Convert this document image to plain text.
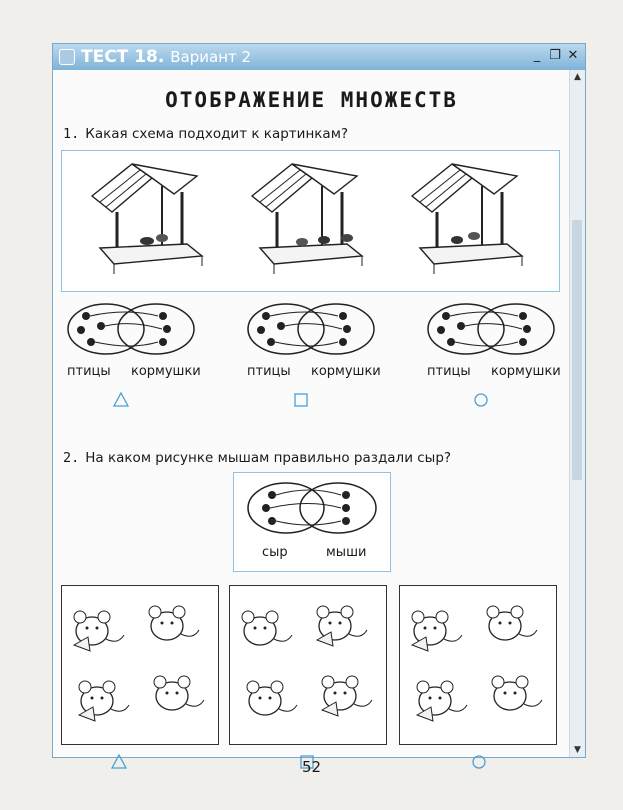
ТЕСТ 18. Вариант 2	_ ❐ ✕
▲
▼
ОТОБРАЖЕНИЕ МНОЖЕСТВ
1. Какая схема подходит к картинкам?
птицы кормушки	птицы кормушки	птицы кормушки
2. На каком рисунке мышам правильно раздали сыр?
сыр	мыши
52
